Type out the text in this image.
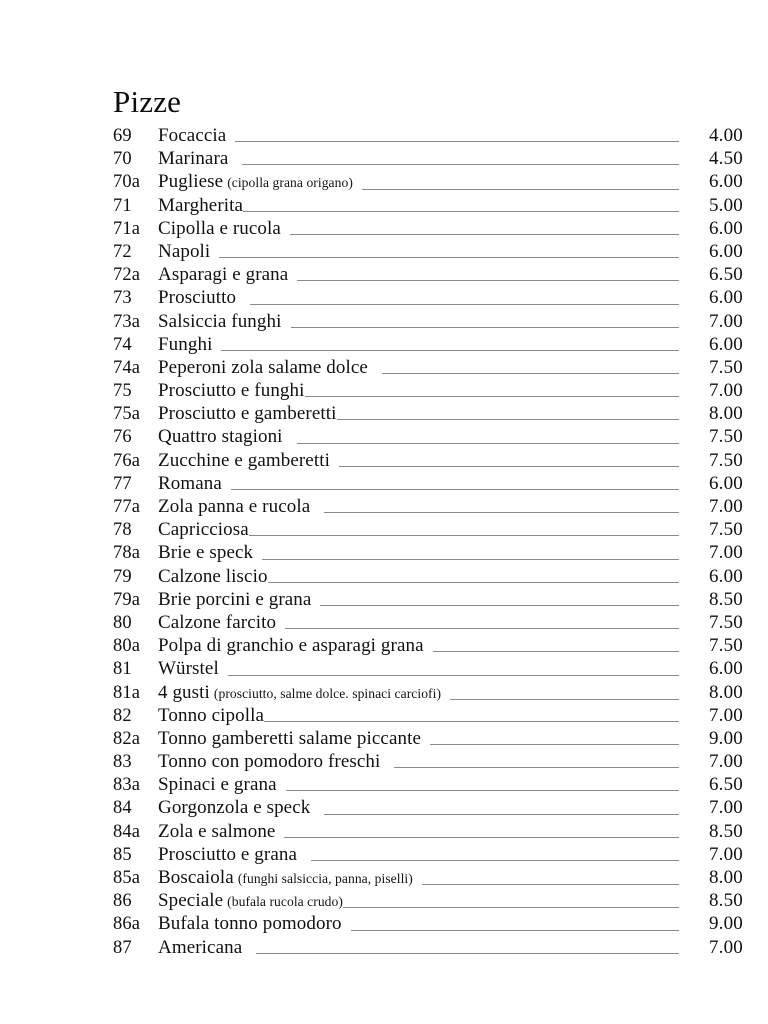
Pizze
69	Focaccia	4.00
70	Marinara	4.50
70a Pugliese (cipolla grana origano)	6.00
71	Margherita	5.00
71a Cipolla e rucola	6.00
72	Napoli	6.00
72a Asparagi e grana	6.50
73	Prosciutto	6.00
73a Salsiccia funghi	7.00
74	Funghi	6.00
74a Peperoni zola salame dolce	7.50
75	Prosciutto e funghi	7.00
75a Prosciutto e gamberetti	8.00
76	Quattro stagioni	7.50
76a Zucchine e gamberetti	7.50
77	Romana	6.00
77a Zola panna e rucola	7.00
78	Capricciosa	7.50
78a Brie e speck	7.00
79	Calzone liscio	6.00
79a Brie porcini e grana	8.50
80	Calzone farcito	7.50
80a Polpa di granchio e asparagi grana	7.50
81	Würstel	6.00
81a 4 gusti (prosciutto, salme dolce. spinaci carciofi)	8.00
82	Tonno cipolla	7.00
82a Tonno gamberetti salame piccante	9.00
83	Tonno con pomodoro freschi	7.00
83a Spinaci e grana	6.50
84	Gorgonzola e speck	7.00
84a Zola e salmone	8.50
85	Prosciutto e grana	7.00
85a Boscaiola (funghi salsiccia, panna, piselli)	8.00
86	Speciale (bufala rucola crudo)	8.50
86a Bufala tonno pomodoro	9.00
87	Americana	7.00
